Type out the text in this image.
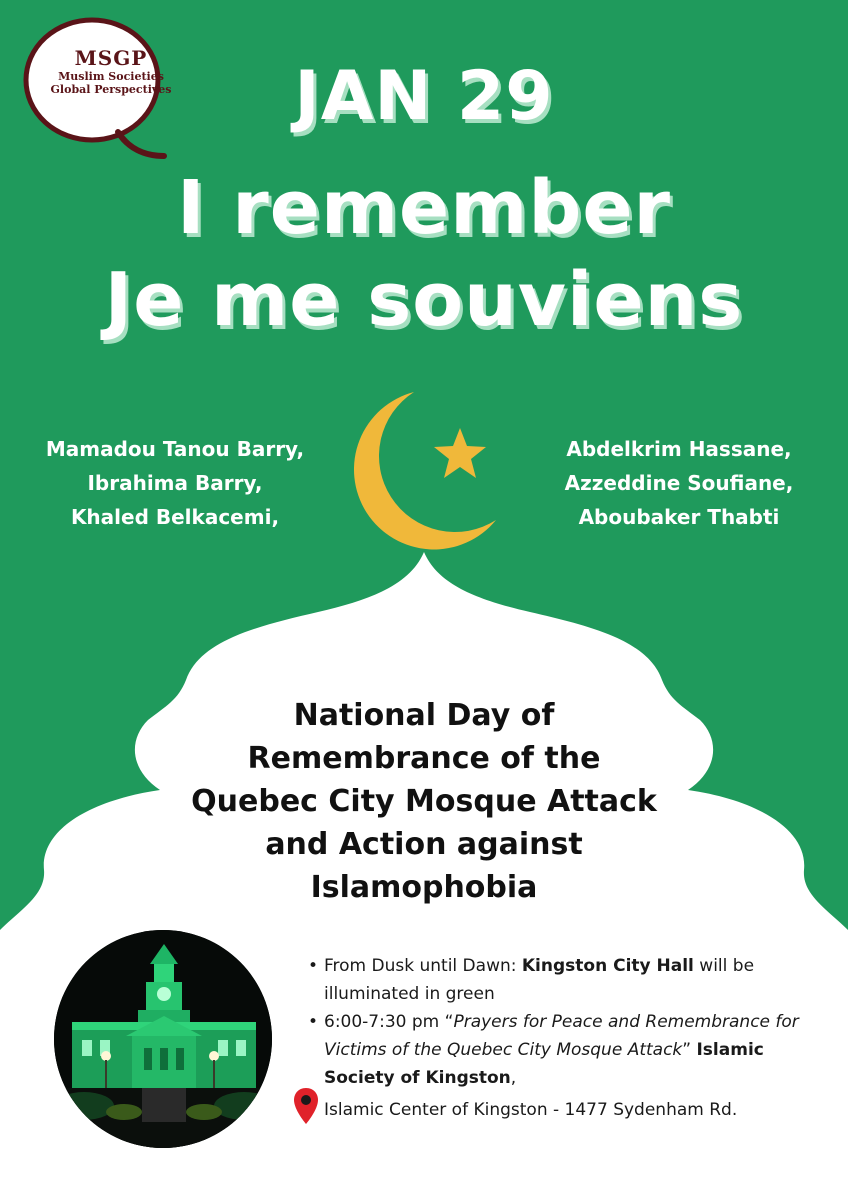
MSGP
Muslim Societies
Global Perspectives	JAN 29
I remember
Je me souviens
Mamadou Tanou Barry,
Ibrahima Barry,
Khaled Belkacemi,
Abdelkrim Hassane,
Azzeddine Soufiane,
Aboubaker Thabti
National Day of
Remembrance of the
Quebec City Mosque Attack
and Action against
Islamophobia
• From Dusk until Dawn: Kingston City Hall will be illuminated in green
• 6:00-7:30 pm “Prayers for Peace and Remembrance for Victims of the Quebec City Mosque Attack” Islamic Society of Kingston,
Islamic Center of Kingston - 1477 Sydenham Rd.
